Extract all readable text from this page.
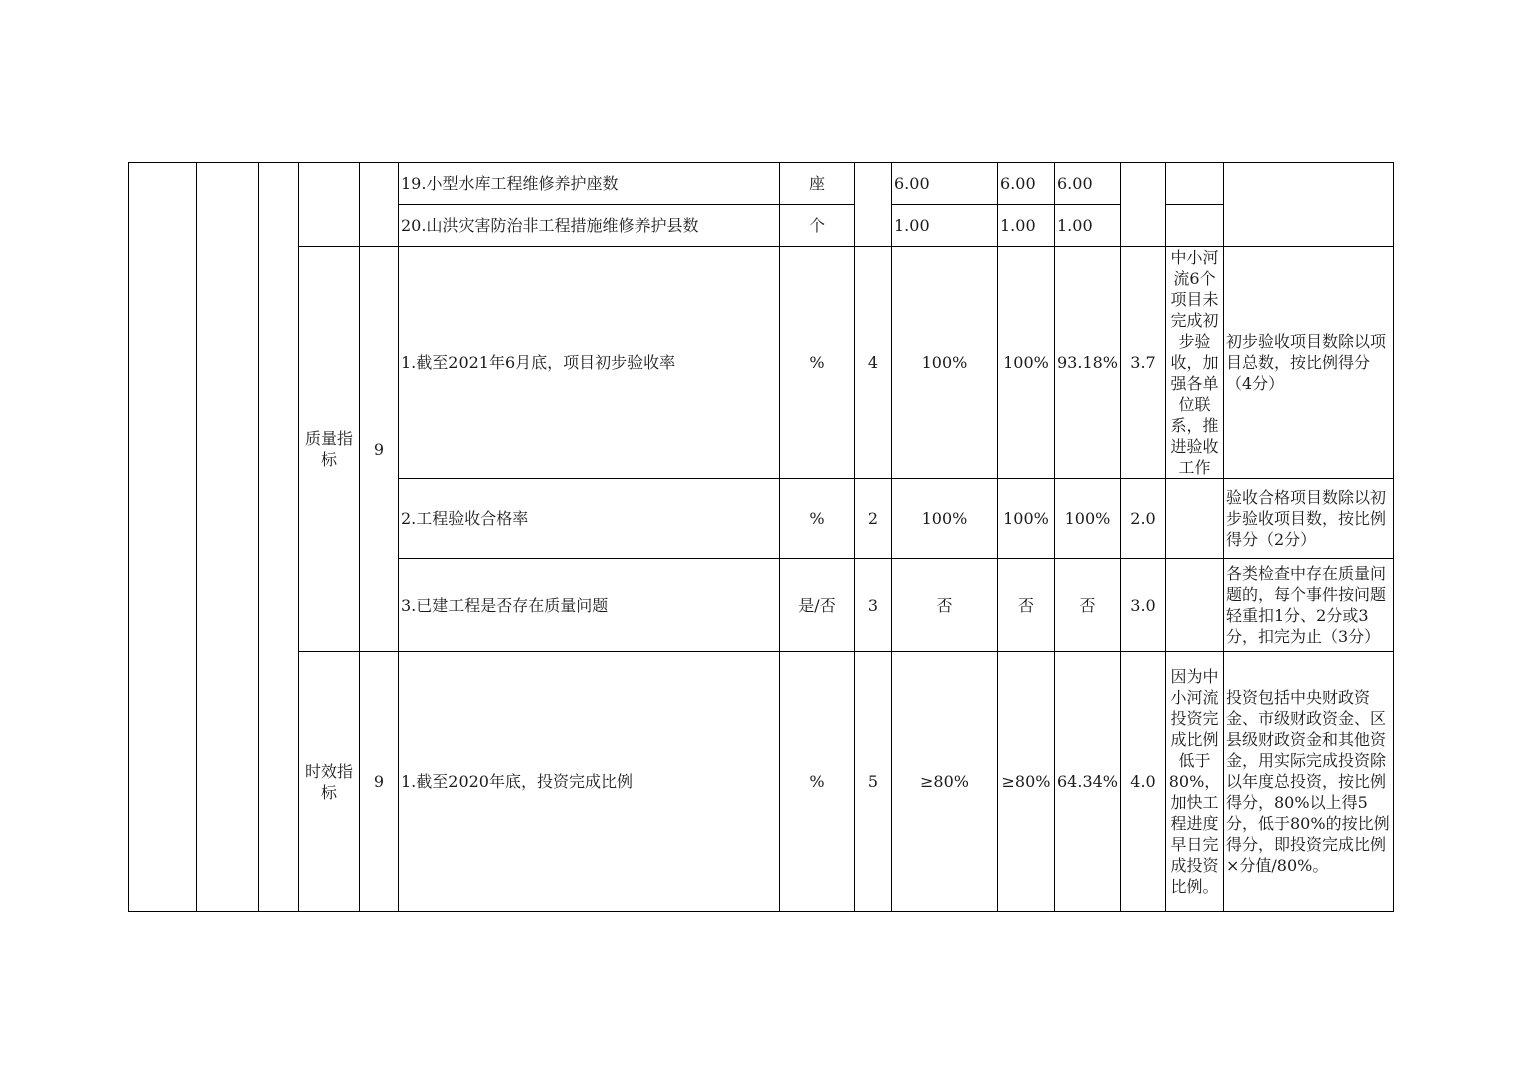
					19.小型水库工程维修养护座数	座		6.00	6.00	6.00			
					20.山洪灾害防治非工程措施维修养护县数	个		1.00	1.00	1.00			
			质量指标	9	1.截至2021年6月底，项目初步验收率	%	4	100%	100%	93.18%	3.7	中小河流6个项目未完成初步验收，加强各单位联系，推进验收工作	初步验收项目数除以项目总数，按比例得分（4分）
					2.工程验收合格率	%	2	100%	100%	100%	2.0		验收合格项目数除以初步验收项目数，按比例得分（2分）
					3.已建工程是否存在质量问题	是/否	3	否	否	否	3.0		各类检查中存在质量问题的，每个事件按问题轻重扣1分、2分或3分，扣完为止（3分）
			时效指标	9	1.截至2020年底，投资完成比例	%	5	≥80%	≥80%	64.34%	4.0	因为中小河流投资完成比例低于80%，加快工程进度早日完成投资比例。	投资包括中央财政资金、市级财政资金、区县级财政资金和其他资金，用实际完成投资除以年度总投资，按比例得分，80%以上得5分，低于80%的按比例得分，即投资完成比例×分值/80%。
